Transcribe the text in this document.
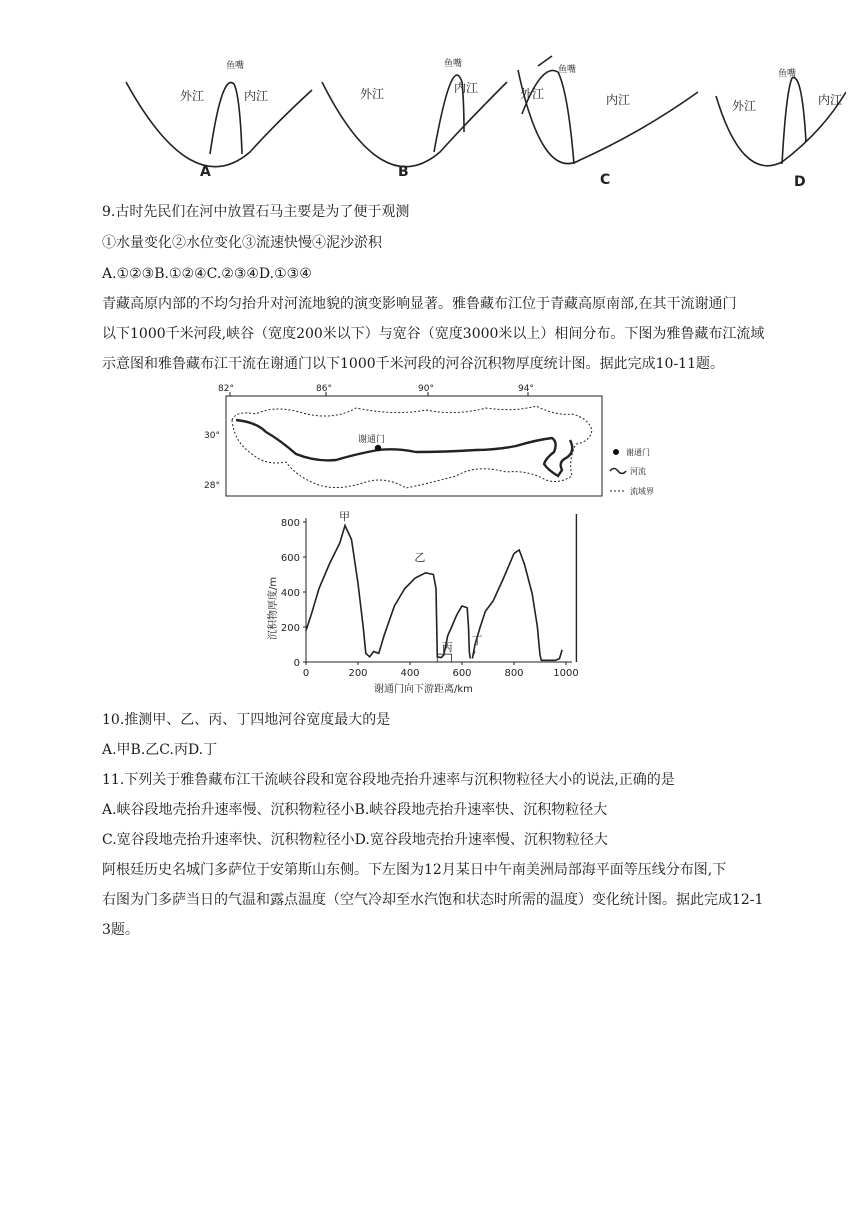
鱼嘴
外江	内江
A
鱼嘴
外江	内江
B
鱼嘴
外江	内江
C
鱼嘴
外江	内江
D
9.古时先民们在河中放置石马主要是为了便于观测
①水量变化②水位变化③流速快慢④泥沙淤积
A.①②③B.①②④C.②③④D.①③④
青藏高原内部的不均匀抬升对河流地貌的演变影响显著。雅鲁藏布江位于青藏高原南部,在其干流谢通门
以下1000千米河段,峡谷（宽度200米以下）与宽谷（宽度3000米以上）相间分布。下图为雅鲁藏布江流域
示意图和雅鲁藏布江干流在谢通门以下1000千米河段的河谷沉积物厚度统计图。据此完成10-11题。
82°	86°	90°	94°
30°
28°
谢通门
谢通门
河流
流域界
0
200
400
600
800
0	200	400	600	800	1000
甲
乙
丙
丁
沉积物厚度/m
谢通门向下游距离/km
10.推测甲、乙、丙、丁四地河谷宽度最大的是
A.甲B.乙C.丙D.丁
11.下列关于雅鲁藏布江干流峡谷段和宽谷段地壳抬升速率与沉积物粒径大小的说法,正确的是
A.峡谷段地壳抬升速率慢、沉积物粒径小B.峡谷段地壳抬升速率快、沉积物粒径大
C.宽谷段地壳抬升速率快、沉积物粒径小D.宽谷段地壳抬升速率慢、沉积物粒径大
阿根廷历史名城门多萨位于安第斯山东侧。下左图为12月某日中午南美洲局部海平面等压线分布图,下
右图为门多萨当日的气温和露点温度（空气冷却至水汽饱和状态时所需的温度）变化统计图。据此完成12-1
3题。
